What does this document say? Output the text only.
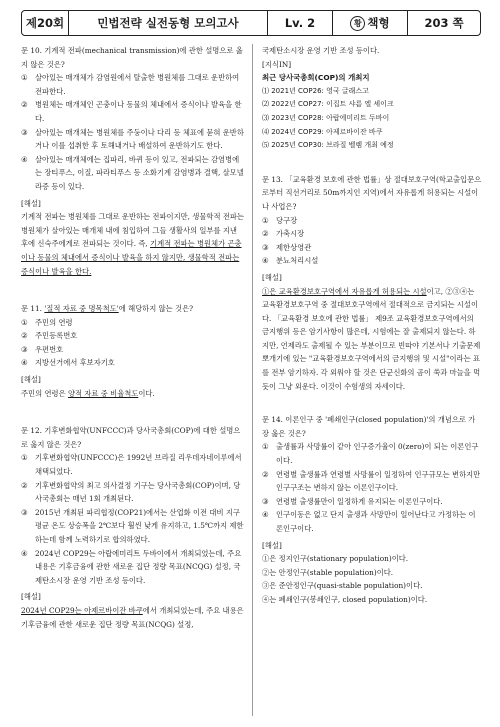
제20회	민법전략 실전동형 모의고사	Lv. 2	황 책형	203 쪽
문 10. 기계적 전파(mechanical transmission)에 관한 설명으로 옳지 않은 것은?
①	살아있는 매개체가 감염원에서 탈출한 병원체를 그대로 운반하여 전파한다.
②	병원체는 매개체인 곤충이나 동물의 체내에서 증식이나 발육을 한다.
③	살아있는 매개체는 병원체를 주둥이나 다리 등 체표에 묻혀 운반하거나 이를 섭취한 후 토해내거나 배설하여 운반하기도 한다.
④	살아있는 매개체에는 집파리, 바퀴 등이 있고, 전파되는 감염병에는 장티푸스, 이질, 파라티푸스 등 소화기계 감염병과 결핵, 살모넬라증 등이 있다.
[해설]
기계적 전파는 병원체를 그대로 운반하는 전파이지만, 생물학적 전파는 병원체가 살아있는 매개체 내에 침입하여 그들 생활사의 일부를 지낸 후에 신숙주에게로 전파되는 것이다. 즉, 기계적 전파는 병원체가 곤충이나 동물의 체내에서 증식이나 발육을 하지 않지만, 생물학적 전파는 증식이나 발육을 한다.
문 11. '질적 자료 중 명목척도'에 해당하지 않는 것은?
①	주민의 연령
②	주민등록번호
③	우편번호
④	지방선거에서 후보자기호
[해설]
주민의 연령은 양적 자료 중 비율척도이다.
문 12. 기후변화협약(UNFCCC)과 당사국총회(COP)에 대한 설명으로 옳지 않은 것은?
①	기후변화협약(UNFCCC)은 1992년 브라질 리우데자네이루에서 채택되었다.
②	기후변화협약의 최고 의사결정 기구는 당사국총회(COP)이며, 당사국총회는 매년 1회 개최된다.
③	2015년 개최된 파리협정(COP21)에서는 산업화 이전 대비 지구 평균 온도 상승폭을 2℃보다 훨씬 낮게 유지하고, 1.5℃까지 제한하는데 함께 노력하기로 합의하였다.
④	2024년 COP29는 아랍에미리트 두바이에서 개최되었는데, 주요 내용은 기후금융에 관한 새로운 집단 정량 목표(NCQG) 설정, 국제탄소시장 운영 기반 조성 등이다.
[해설]
2024년 COP29는 아제르바이잔 바쿠에서 개최되었는데, 주요 내용은 기후금융에 관한 새로운 집단 정량 목표(NCQG) 설정,
국제탄소시장 운영 기반 조성 등이다.
[지식IN]
최근 당사국총회(COP)의 개최지
⑴ 2021년 COP26: 영국 글래스고
⑵ 2022년 COP27: 이집트 샤름 엘 셰이크
⑶ 2023년 COP28: 아랍에미리트 두바이
⑷ 2024년 COP29: 아제르바이잔 바쿠
⑸ 2025년 COP30: 브라질 벨렘 개최 예정
문 13. 「교육환경 보호에 관한 법률」상 절대보호구역(학교출입문으로부터 직선거리로 50m까지인 지역)에서 자유롭게 허용되는 시설이나 사업은?
①	당구장
②	가축시장
③	제한상영관
④	분뇨처리시설
[해설]
①은 교육환경보호구역에서 자유롭게 허용되는 시설이고, ②③④는 교육환경보호구역 중 절대보호구역에서 절대적으로 금지되는 시설이다. 「교육환경 보호에 관한 법률」 제9조 교육환경보호구역에서의 금지행위 등은 암기사항이 많은데, 시험에는 잘 출제되지 않는다. 하지만, 언제라도 출제될 수 있는 부분이므로 빈따야 기본서나 기출문제 뽀개기에 있는 "교육환경보호구역에서의 금지행위 및 시설"이라는 표를 전부 암기하자. 각 외워야 할 것은 단군신화의 곰이 쑥과 마늘을 먹듯이 그냥 외운다. 이것이 수험생의 자세이다.
문 14. 이론인구 중 '폐쇄인구(closed population)'의 개념으로 가장 옳은 것은?
①	출생률과 사망률이 같아 인구증가율이 0(zero)이 되는 이론인구이다.
②	연령별 출생률과 연령별 사망률이 일정하여 인구규모는 변하지만 인구구조는 변하지 않는 이론인구이다.
③	연령별 출생률만이 일정하게 유지되는 이론인구이다.
④	인구이동은 없고 단지 출생과 사망만이 일어난다고 가정하는 이론인구이다.
[해설]
①은 정지인구(stationary population)이다.
②는 안정인구(stable population)이다.
③은 준안정인구(quasi-stable population)이다.
④는 폐쇄인구(봉쇄인구, closed population)이다.
